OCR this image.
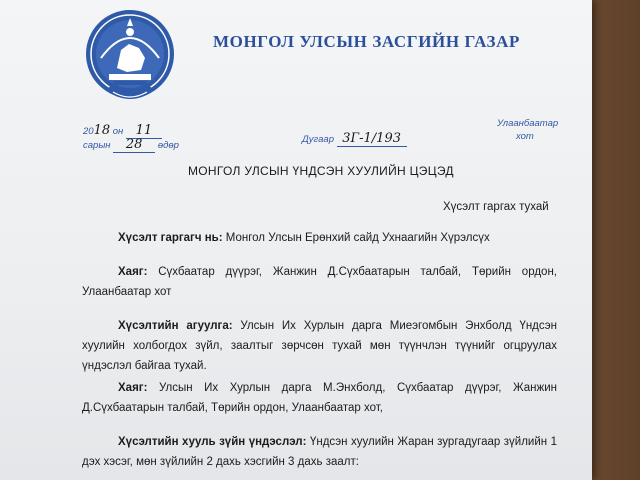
МОНГОЛ УЛСЫН ЗАСГИЙН ГАЗАР
2018 он 11
сарын 28 өдөр
Дугаар 3Г-1/193
Улаанбаатар
хот
МОНГОЛ УЛСЫН ҮНДСЭН ХУУЛИЙН ЦЭЦЭД
Хүсэлт гаргах тухай
Хүсэлт гаргагч нь: Монгол Улсын Ерөнхий сайд Ухнаагийн Хүрэлсүх
Хаяг: Сүхбаатар дүүрэг, Жанжин Д.Сүхбаатарын талбай, Төрийн ордон, Улаанбаатар хот
Хүсэлтийн агуулга: Улсын Их Хурлын дарга Миеэгомбын Энхболд Үндсэн хуулийн холбогдох зүйл, заалтыг зөрчсөн тухай мөн түүнчлэн түүнийг огцруулах үндэслэл байгаа тухай.
Хаяг: Улсын Их Хурлын дарга М.Энхболд, Сүхбаатар дүүрэг, Жанжин Д.Сүхбаатарын талбай, Төрийн ордон, Улаанбаатар хот,
Хүсэлтийн хууль зүйн үндэслэл: Үндсэн хуулийн Жаран зургадугаар зүйлийн 1 дэх хэсэг, мөн зүйлийн 2 дахь хэсгийн 3 дахь заалт:
